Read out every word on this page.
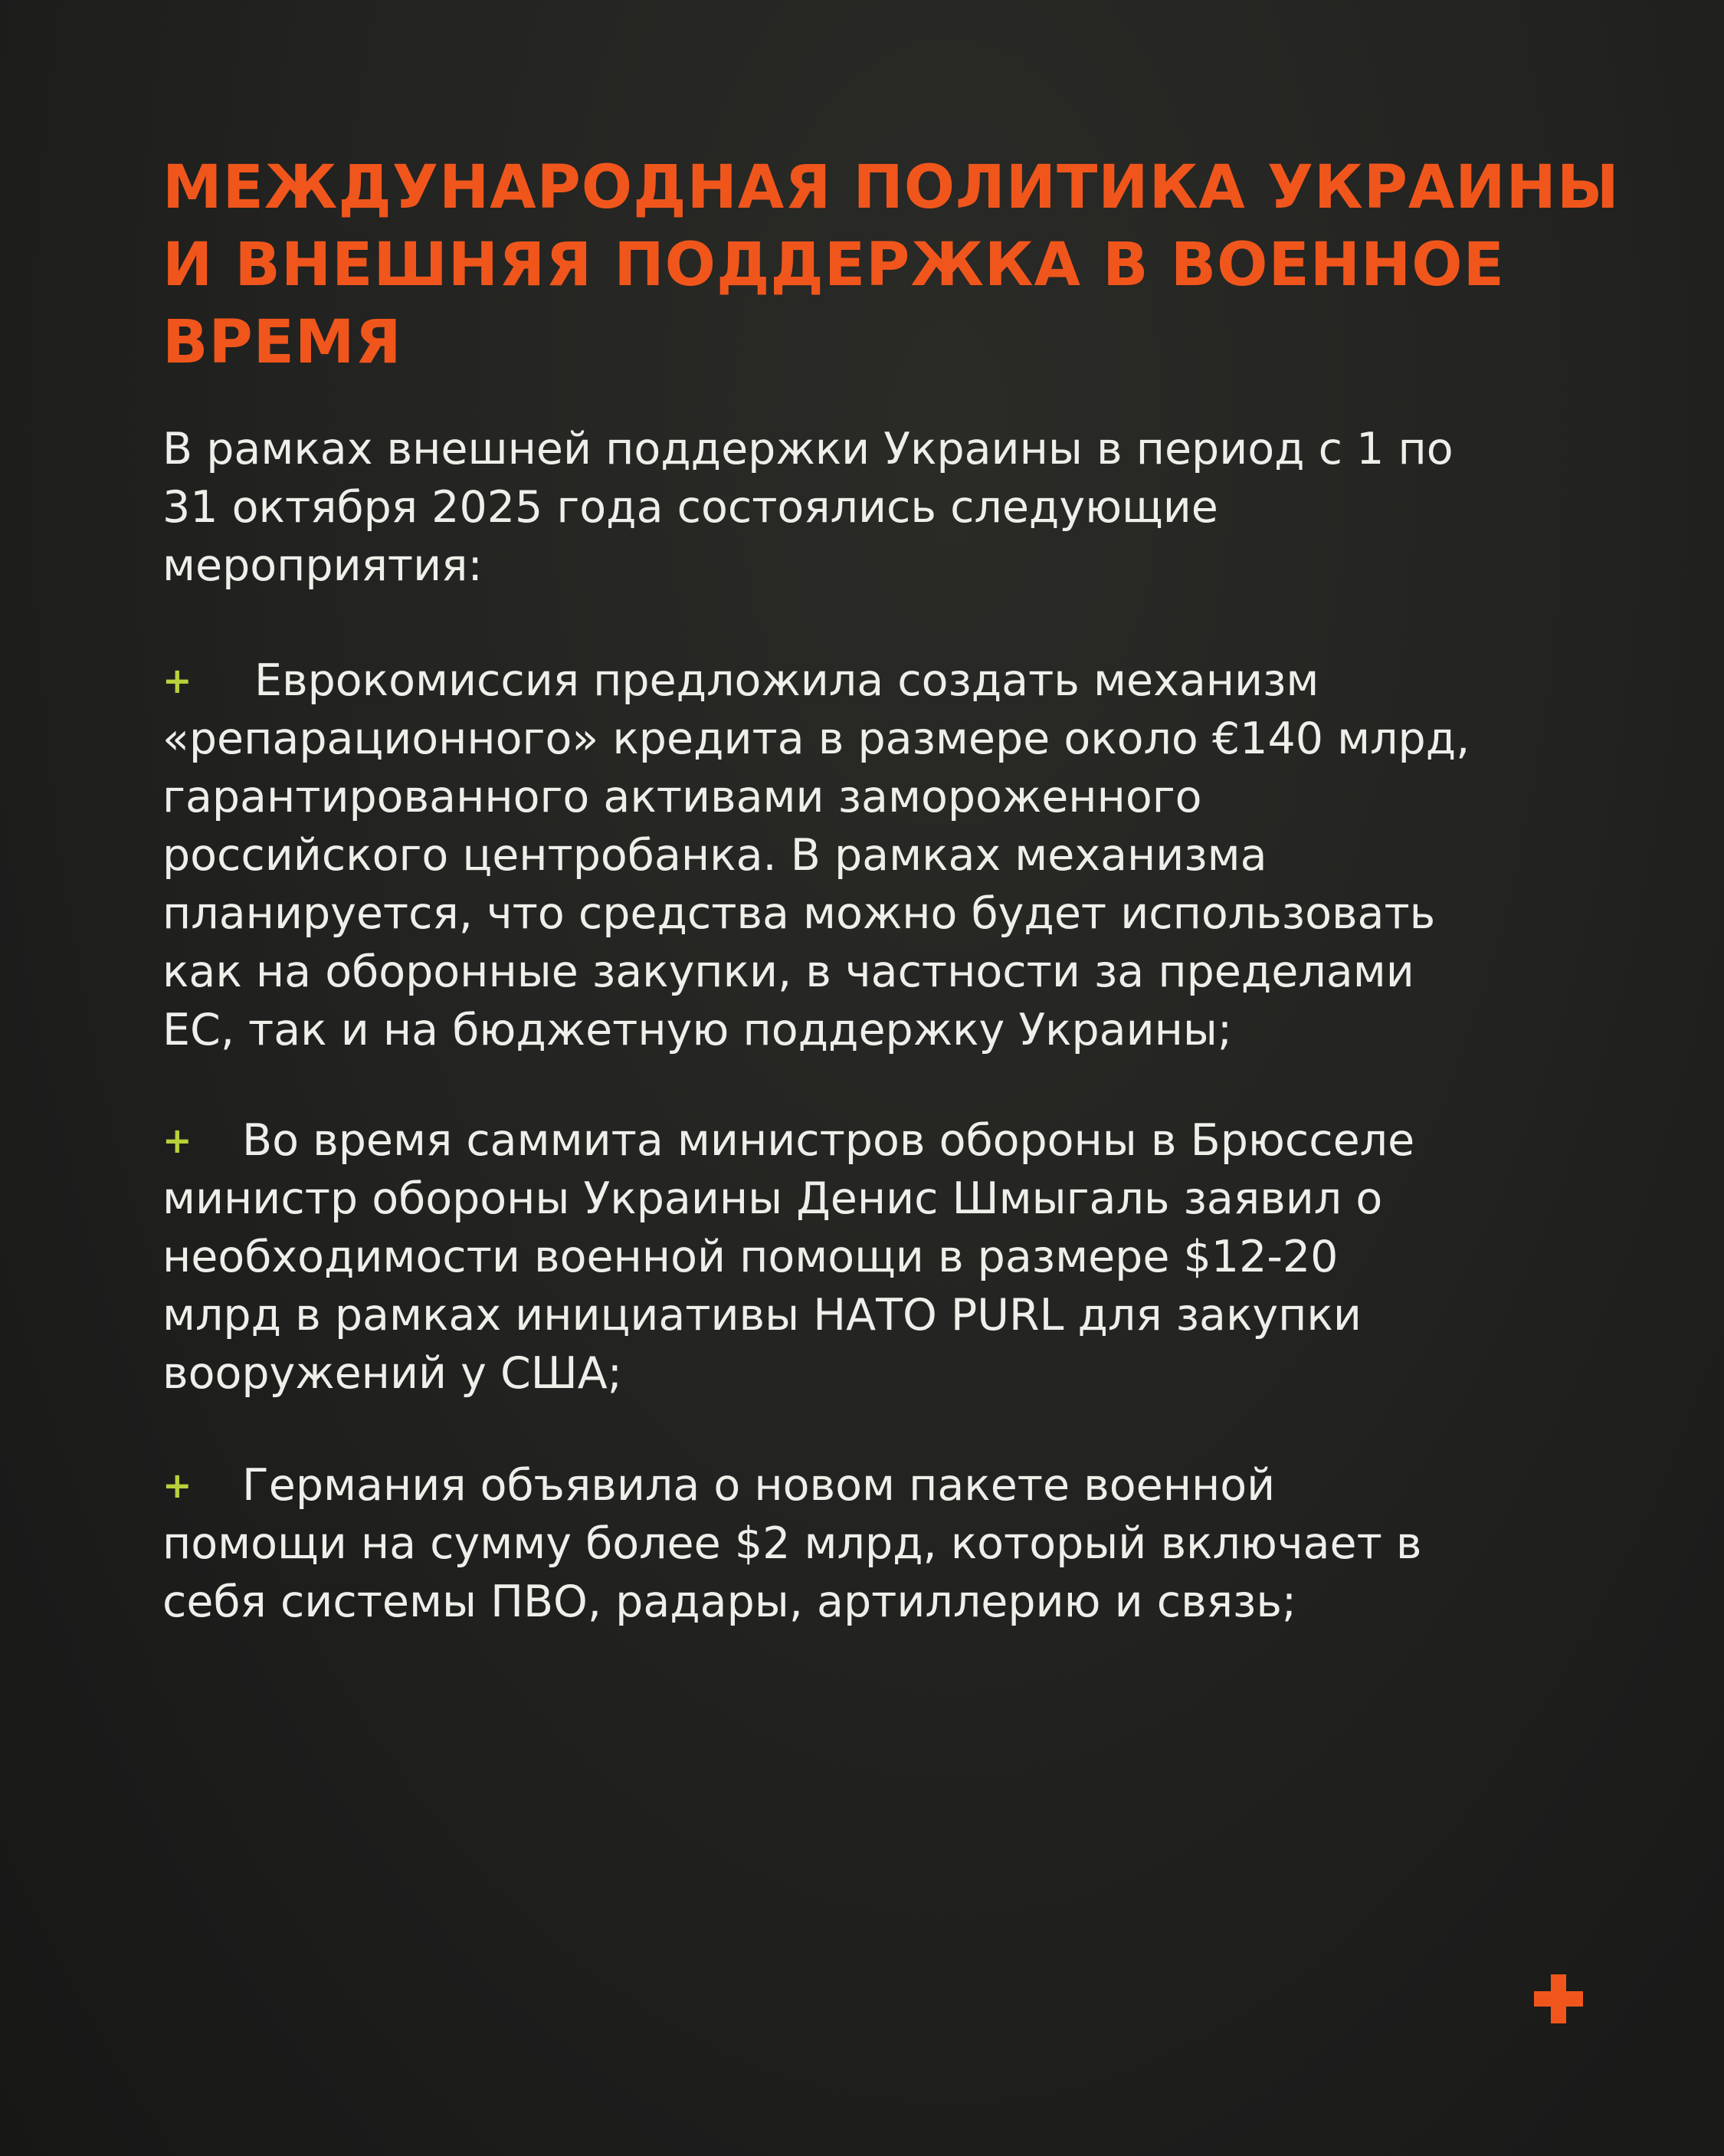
МЕЖДУНАРОДНАЯ ПОЛИТИКА УКРАИНЫ
И ВНЕШНЯЯ ПОДДЕРЖКА В ВОЕННОЕ
ВРЕМЯ

В рамках внешней поддержки Украины в период с 1 по
31 октября 2025 года состоялись следующие
мероприятия:

+	Еврокомиссия предложила создать механизм
«репарационного» кредита в размере около €140 млрд,
гарантированного активами замороженного
российского центробанка. В рамках механизма
планируется, что средства можно будет использовать
как на оборонные закупки, в частности за пределами
ЕС, так и на бюджетную поддержку Украины;
+	Во время саммита министров обороны в Брюсселе
министр обороны Украины Денис Шмыгаль заявил о
необходимости военной помощи в размере $12-20
млрд в рамках инициативы НАТО PURL для закупки
вооружений у США;
+	Германия объявила о новом пакете военной
помощи на сумму более $2 млрд, который включает в
себя системы ПВО, радары, артиллерию и связь;
